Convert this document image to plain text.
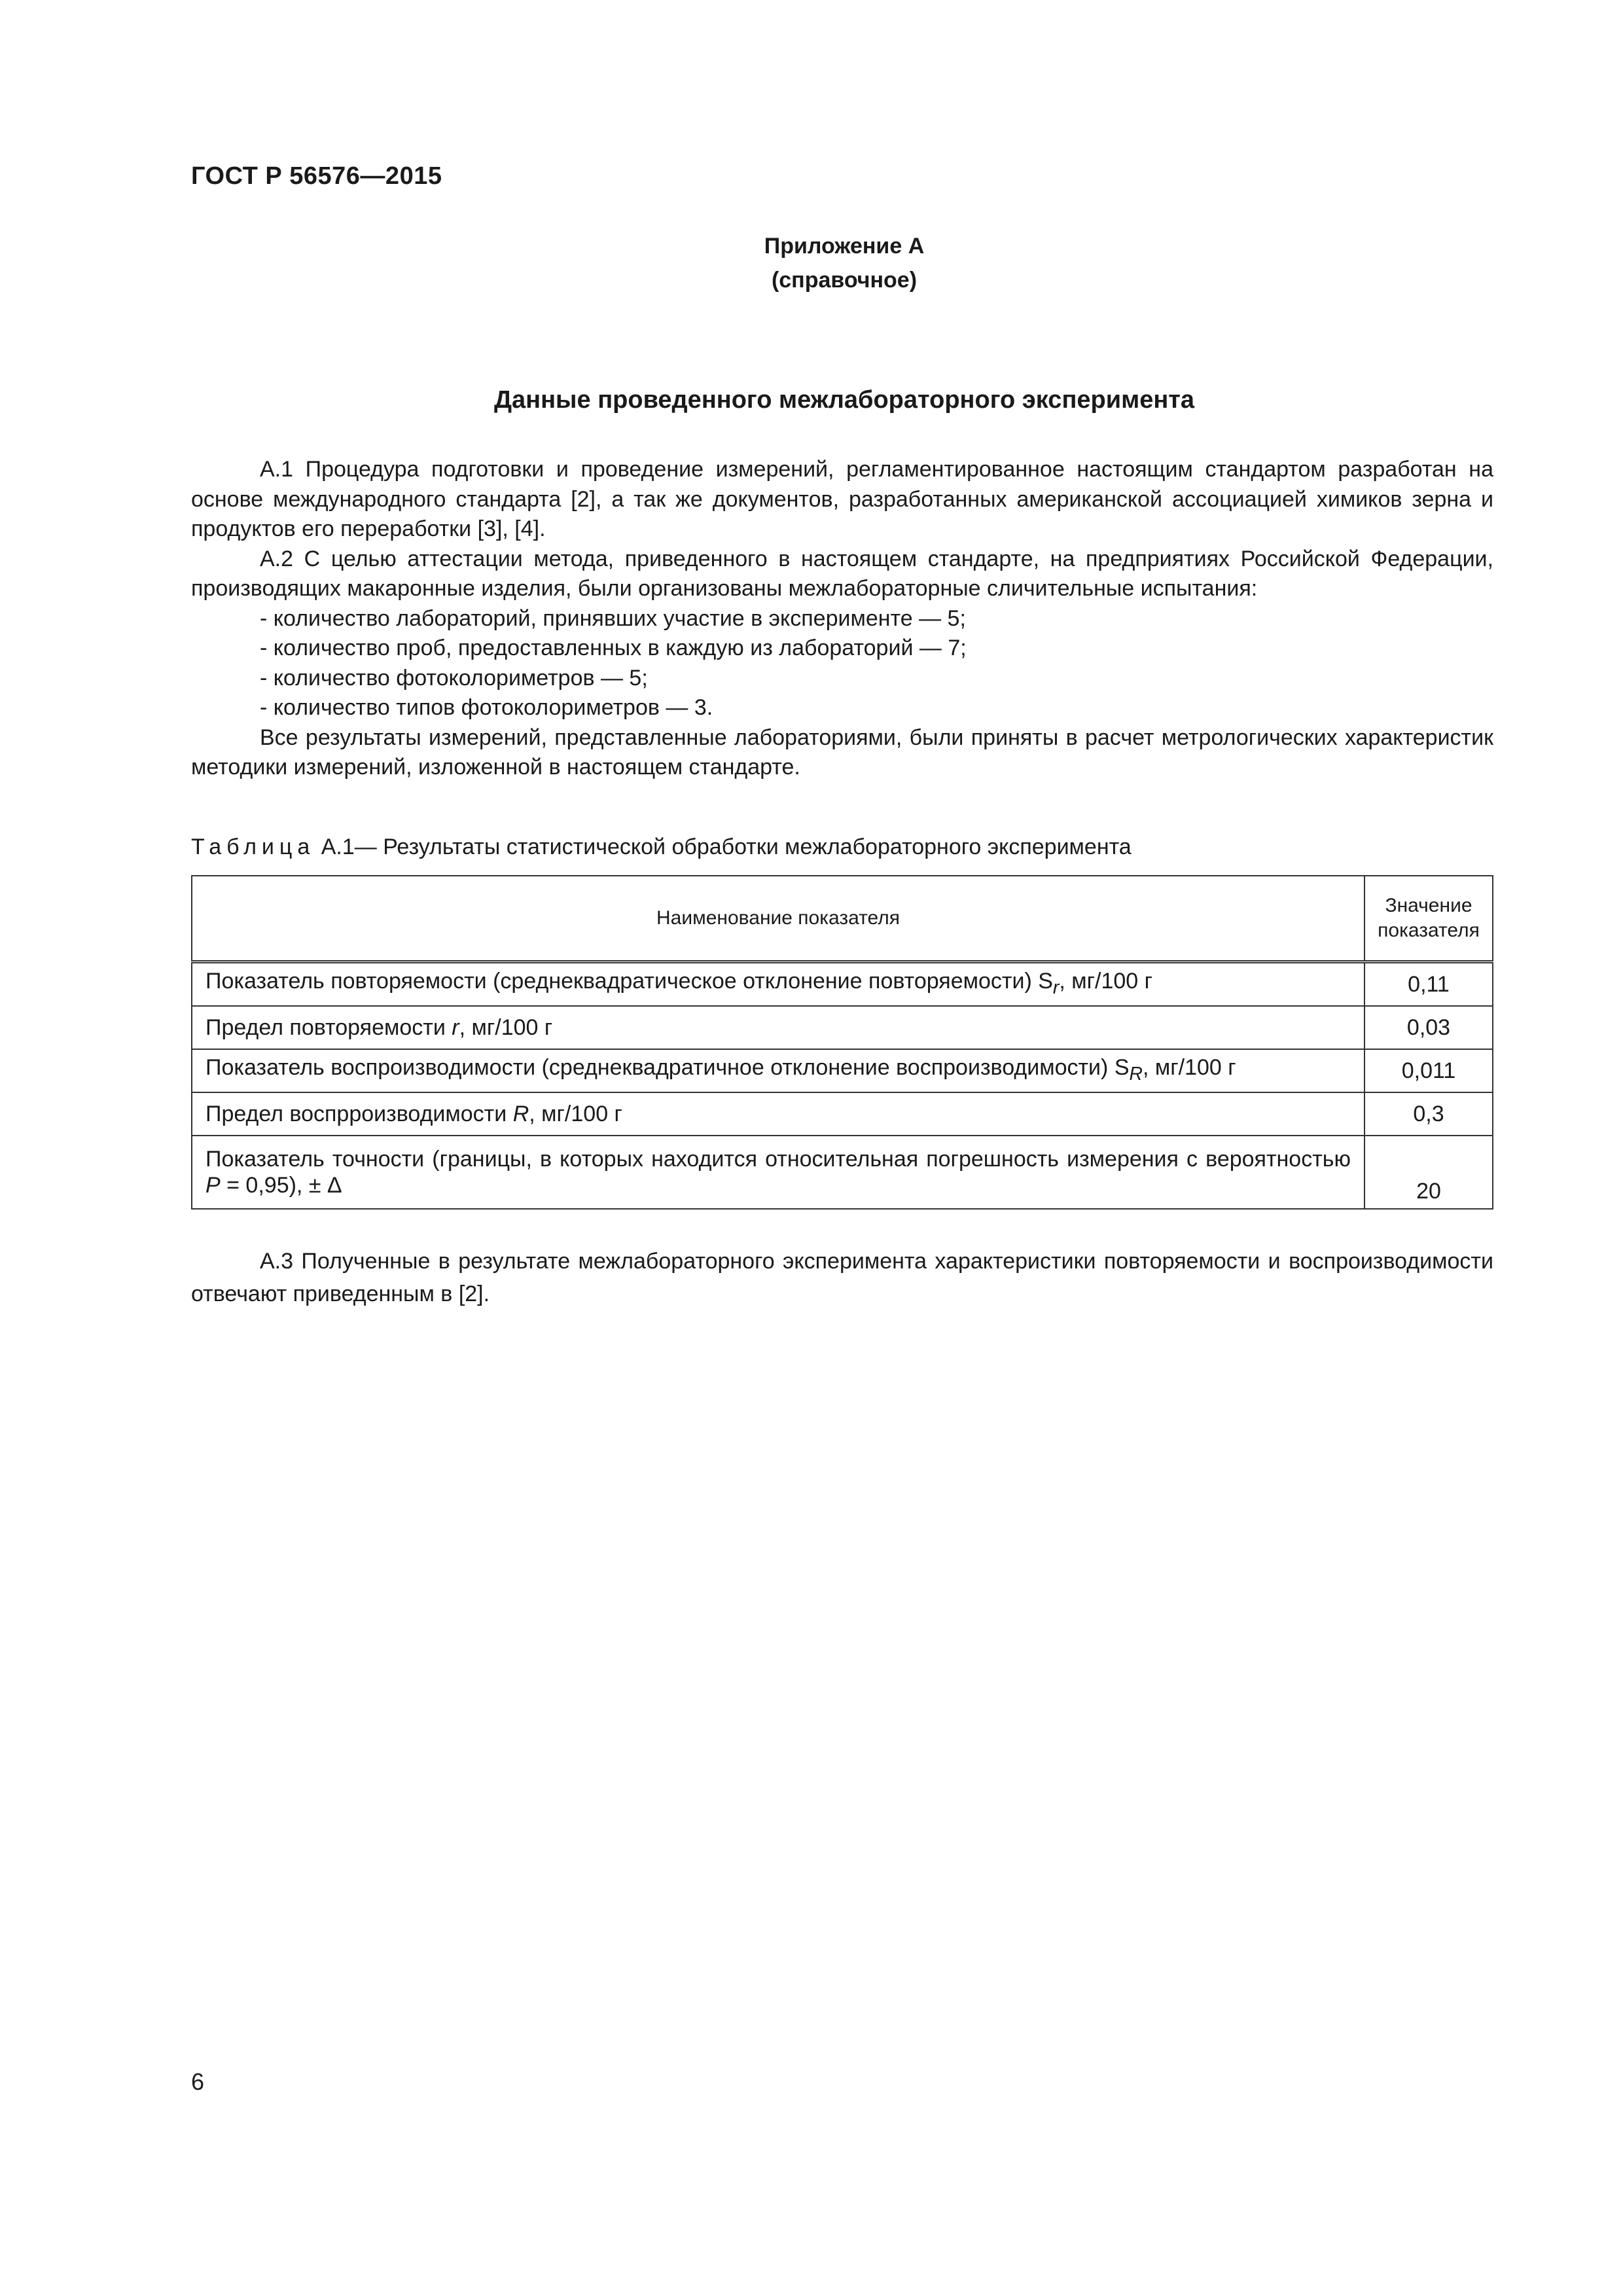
ГОСТ Р 56576—2015
Приложение А
(справочное)
Данные проведенного межлабораторного эксперимента

А.1 Процедура подготовки и проведение измерений, регламентированное настоящим стандартом разработан на основе международного стандарта [2], а так же документов, разработанных американской ассоциацией химиков зерна и продуктов его переработки [3], [4].

А.2 С целью аттестации метода, приведенного в настоящем стандарте, на предприятиях Российской Федерации, производящих макаронные изделия, были организованы межлабораторные сличительные испытания:

- количество лабораторий, принявших участие в эксперименте — 5;

- количество проб, предоставленных в каждую из лабораторий — 7;

- количество фотоколориметров — 5;

- количество типов фотоколориметров — 3.

Все результаты измерений, представленные лабораториями, были приняты в расчет метрологических характеристик методики измерений, изложенной в настоящем стандарте.

Таблица А.1— Результаты статистической обработки межлабораторного эксперимента
Наименование показателя	Значение показателя
Показатель повторяемости (среднеквадратическое отклонение повторяемости) $S_r$, мг/100 г	0,11
Предел повторяемости r, мг/100 г	0,03
Показатель воспроизводимости (среднеквадратичное отклонение воспроизводимости) $S_R$, мг/100 г	0,011
Предел воспрроизводимости R, мг/100 г	0,3
Показатель точности (границы, в которых находится относительная погрешность измерения с вероятностью P = 0,95), ± Δ	20

А.3 Полученные в результате межлабораторного эксперимента характеристики повторяемости и воспроизводимости отвечают приведенным в [2].

6
